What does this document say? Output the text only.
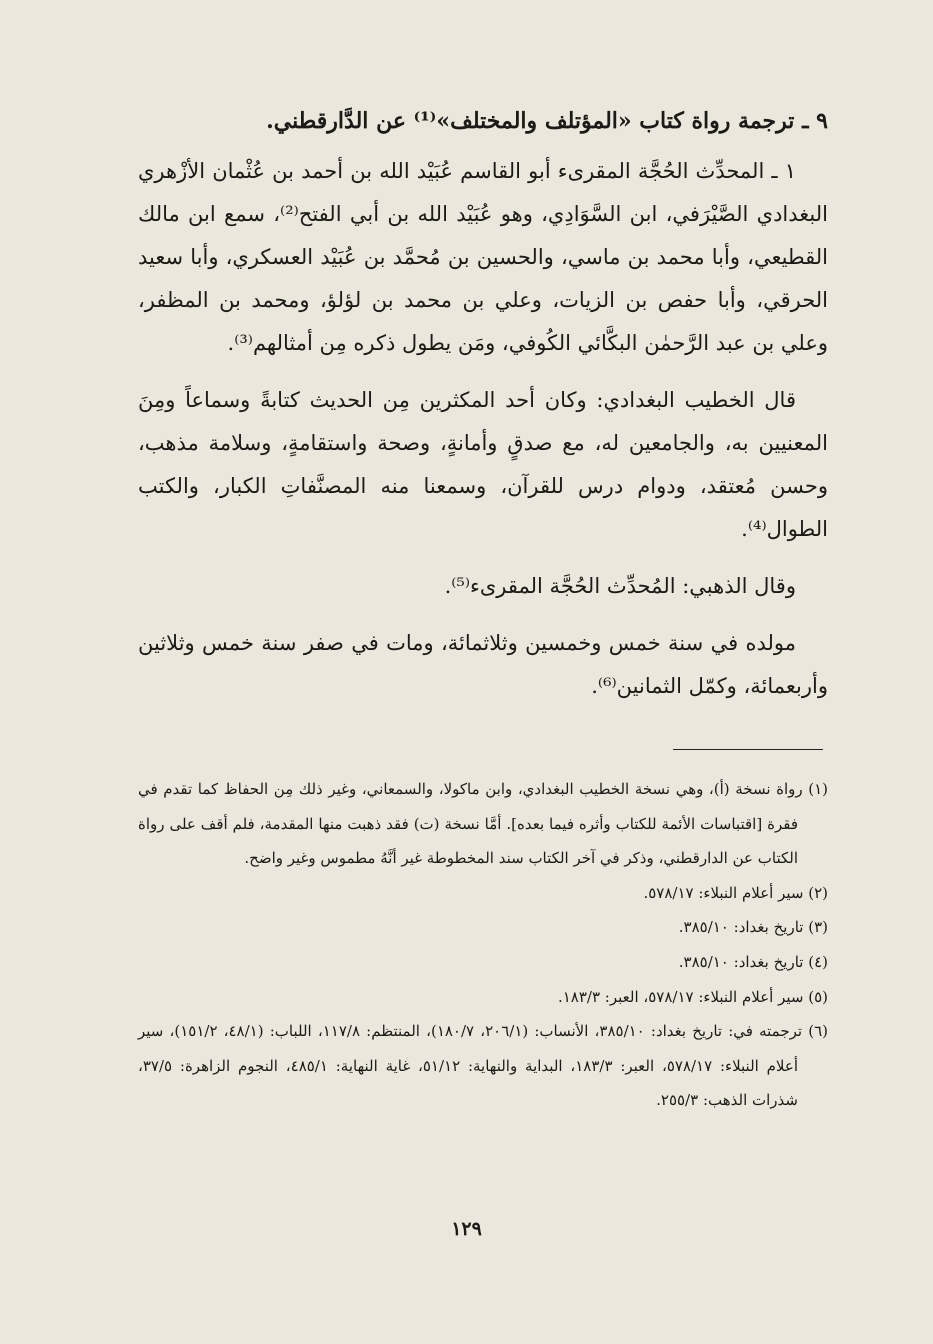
٩ ـ ترجمة رواة كتاب «المؤتلف والمختلف»⁽¹⁾ عن الدَّارقطني.

١ ـ المحدِّث الحُجَّة المقرىء أبو القاسم عُبَيْد الله بن أحمد بن عُثْمان الأزْهري البغدادي الصَّيْرَفي، ابن السَّوَادِي، وهو عُبَيْد الله بن أبي الفتح⁽²⁾، سمع ابن مالك القطيعي، وأبا محمد بن ماسي، والحسين بن مُحمَّد بن عُبَيْد العسكري، وأبا سعيد الحرقي، وأبا حفص بن الزيات، وعلي بن محمد بن لؤلؤ، ومحمد بن المظفر، وعلي بن عبد الرَّحمٰن البكَّائي الكُوفي، ومَن يطول ذكره مِن أمثالهم⁽³⁾.

قال الخطيب البغدادي: وكان أحد المكثرين مِن الحديث كتابةً وسماعاً ومِنَ المعنيين به، والجامعين له، مع صدقٍ وأمانةٍ، وصحة واستقامةٍ، وسلامة مذهب، وحسن مُعتقد، ودوام درس للقرآن، وسمعنا منه المصنَّفاتِ الكبار، والكتب الطوال⁽⁴⁾.

وقال الذهبي: المُحدِّث الحُجَّة المقرىء⁽⁵⁾.

مولده في سنة خمس وخمسين وثلاثمائة، ومات في صفر سنة خمس وثلاثين وأربعمائة، وكمّل الثمانين⁽⁶⁾.

(١) رواة نسخة (أ)، وهي نسخة الخطيب البغدادي، وابن ماكولا، والسمعاني، وغير ذلك مِن الحفاظ كما تقدم في فقرة [اقتباسات الأئمة للكتاب وأثره فيما بعده]. أمَّا نسخة (ت) فقد ذهبت منها المقدمة، فلم أقف على رواة الكتاب عن الدارقطني، وذكر في آخر الكتاب سند المخطوطة غير أنَّهُ مطموس وغير واضح.

(٢) سير أعلام النبلاء: ٥٧٨/١٧.

(٣) تاريخ بغداد: ٣٨٥/١٠.

(٤) تاريخ بغداد: ٣٨٥/١٠.

(٥) سير أعلام النبلاء: ٥٧٨/١٧، العبر: ١٨٣/٣.

(٦) ترجمته في: تاريخ بغداد: ٣٨٥/١٠، الأنساب: (٢٠٦/١، ١٨٠/٧)، المنتظم: ١١٧/٨، اللباب: (٤٨/١، ١٥١/٢)، سير أعلام النبلاء: ٥٧٨/١٧، العبر: ١٨٣/٣، البداية والنهاية: ٥١/١٢، غاية النهاية: ٤٨٥/١، النجوم الزاهرة: ٣٧/٥، شذرات الذهب: ٢٥٥/٣.

١٢٩
